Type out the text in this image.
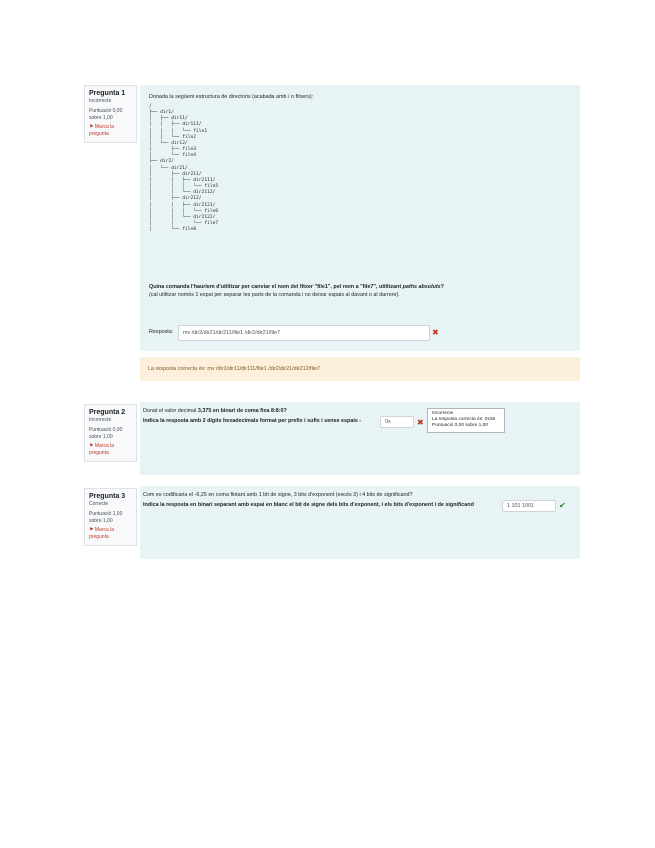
Pregunta 1
Incorrecte
Puntuació 0,00 sobre 1,00
⚑ Marca la pregunta
Donada la següent estructura de directoris (acabada amb / o fitxers):
/
├── dir1/
│   ├── dir11/
│   │   ├── dir111/
│   │   │   └── file1
│   │   └── file2
│   └── dir12/
│       ├── file3
│       └── file4
├── dir2/
│   └── dir21/
│       ├── dir211/
│       │   ├── dir2111/
│       │   │   └── file5
│       │   └── dir2112/
│       ├── dir212/
│       │   ├── dir2121/
│       │   │   └── file6
│       │   └── dir2122/
│       │       └── file7
│       └── file8
Quina comanda l'hauríem d'utilitzar per canviar el nom del fitxer "file1", pel nom a "file7", utilitzant paths absoluts?
(cal utilitzar només 1 espai per separar les parts de la comanda i no deixar espais al davant o al darrere).
Resposta: mv /dir2/dir21/dir211/file1 /dir2/dir21/file7	✖
La resposta correcta és: mv /dir1/dir11/dir111/file1 /dir2/dir21/dir212/file7
Pregunta 2
Incorrecte
Puntuació 0,00 sobre 1,00
⚑ Marca la pregunta
Donat el valor decimal 3,375 en binari de coma fixa 8:8:0?
Indica la resposta amb 2 dígits hexadecimals format per prefix i sufix i sense espais -	0x	✖
Incorrecte
La resposta correcta és: 0x36
Puntuació 0,00 sobre 1,00
Pregunta 3
Correcte
Puntuació 1,00 sobre 1,00
⚑ Marca la pregunta
Com es codificaria el -6,25 en coma flotant amb 1 bit de signe, 3 bits d'exponent (excés 3) i 4 bits de significand?
Indica la resposta en binari separant amb espai en blanc el bit de signe dels bits d'exponent, i els bits d'exponent i de significand	1 101 1001	✔
